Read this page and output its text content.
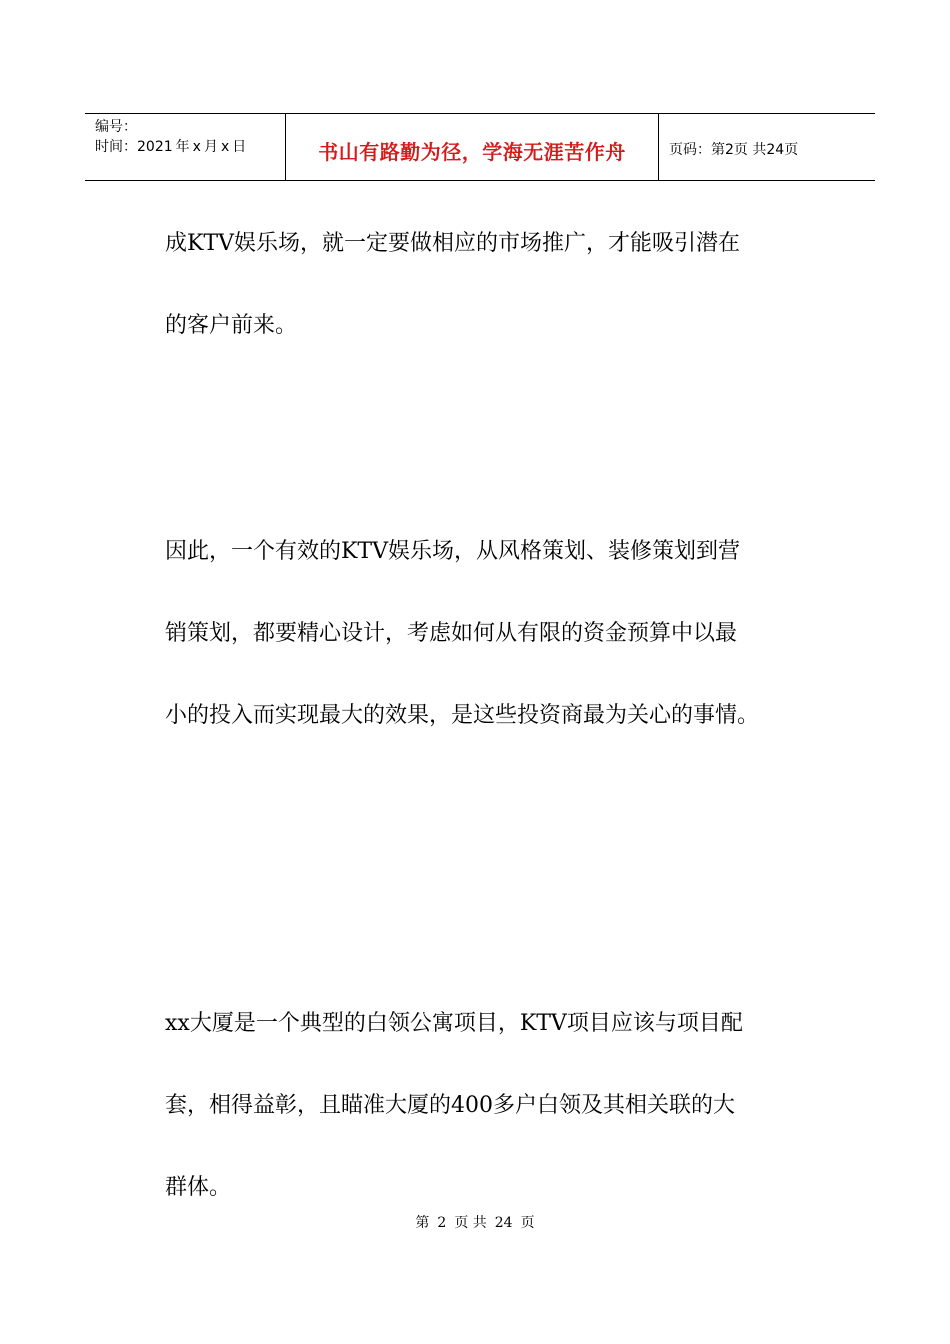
编号：
时间：2021 年 x 月 x 日	书山有路勤为径，学海无涯苦作舟	页码：第2页 共24页
成KTV娱乐场，就一定要做相应的市场推广，才能吸引潜在
的客户前来。
因此，一个有效的KTV娱乐场，从风格策划、装修策划到营
销策划，都要精心设计，考虑如何从有限的资金预算中以最
小的投入而实现最大的效果，是这些投资商最为关心的事情。
xx大厦是一个典型的白领公寓项目，KTV项目应该与项目配
套，相得益彰，且瞄准大厦的400多户白领及其相关联的大
群体。
第 2 页 共 24 页
